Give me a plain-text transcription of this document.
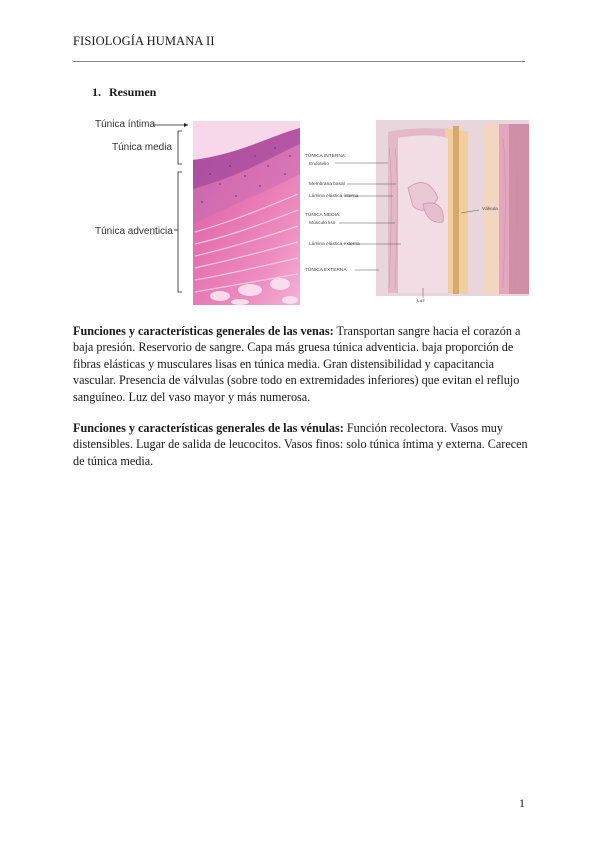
FISIOLOGÍA HUMANA II
1. Resumen
Túnica íntima
Túnica media
Túnica adventicia
TÚNICA INTERNA:
Endotelio
Membrana basal
Lámina elástica interna
TÚNICA MEDIA:
Músculo liso
Lámina elástica externa
TÚNICA EXTERNA
Válvula
Luz
Funciones y características generales de las venas: Transportan sangre hacia el corazón a baja presión. Reservorio de sangre. Capa más gruesa túnica adventicia. baja proporción de fibras elásticas y musculares lisas en túnica media. Gran distensibilidad y capacitancia vascular. Presencia de válvulas (sobre todo en extremidades inferiores) que evitan el reflujo sanguíneo. Luz del vaso mayor y más numerosa.
Funciones y características generales de las vénulas: Función recolectora. Vasos muy distensibles. Lugar de salida de leucocitos. Vasos finos: solo túnica íntima y externa. Carecen de túnica media.
1
